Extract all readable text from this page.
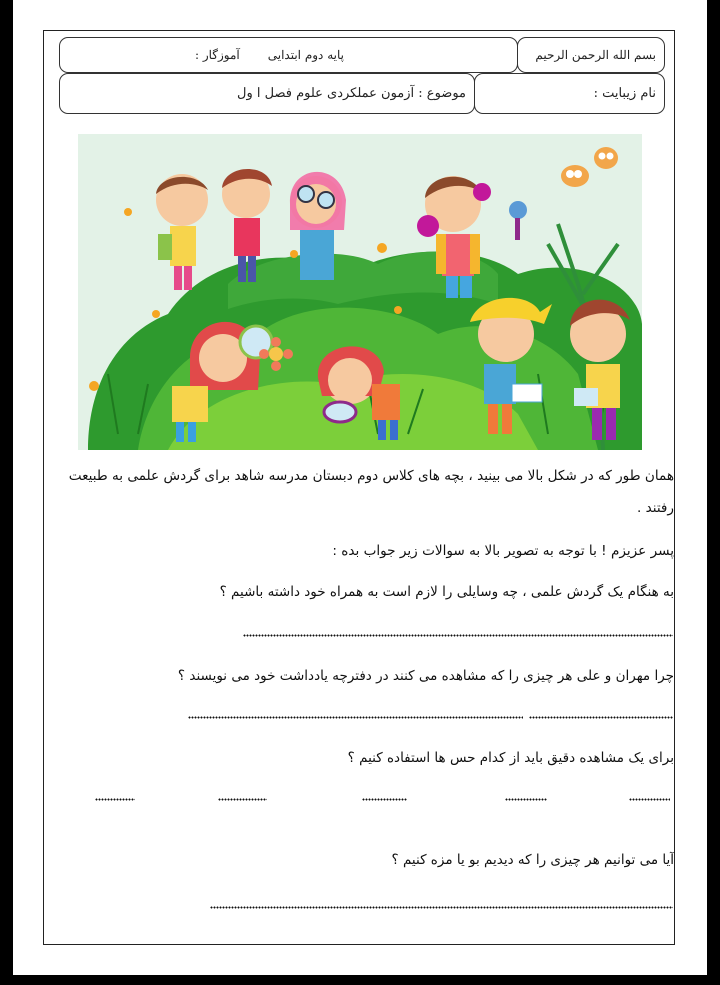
بسم الله الرحمن الرحیم
پایه دوم ابتدایی
آموزگار :
نام زیبایت :
موضوع : آزمون عملکردی علوم فصل ا ول
همان طور که در شکل بالا می بینید ، بچه های کلاس دوم دبستان مدرسه شاهد برای گردش علمی به طبیعت
رفتند .
پسر عزیزم ! با توجه به تصویر بالا به سوالات زیر جواب بده :
به هنگام یک گردش علمی ، چه وسایلی را لازم است به همراه خود داشته باشیم ؟
چرا مهران و علی هر چیزی را که مشاهده می کنند در دفترچه یادداشت خود می نویسند ؟
برای یک مشاهده دقیق باید از کدام حس ها استفاده کنیم ؟
آیا می توانیم هر چیزی را که دیدیم بو یا مزه کنیم ؟
